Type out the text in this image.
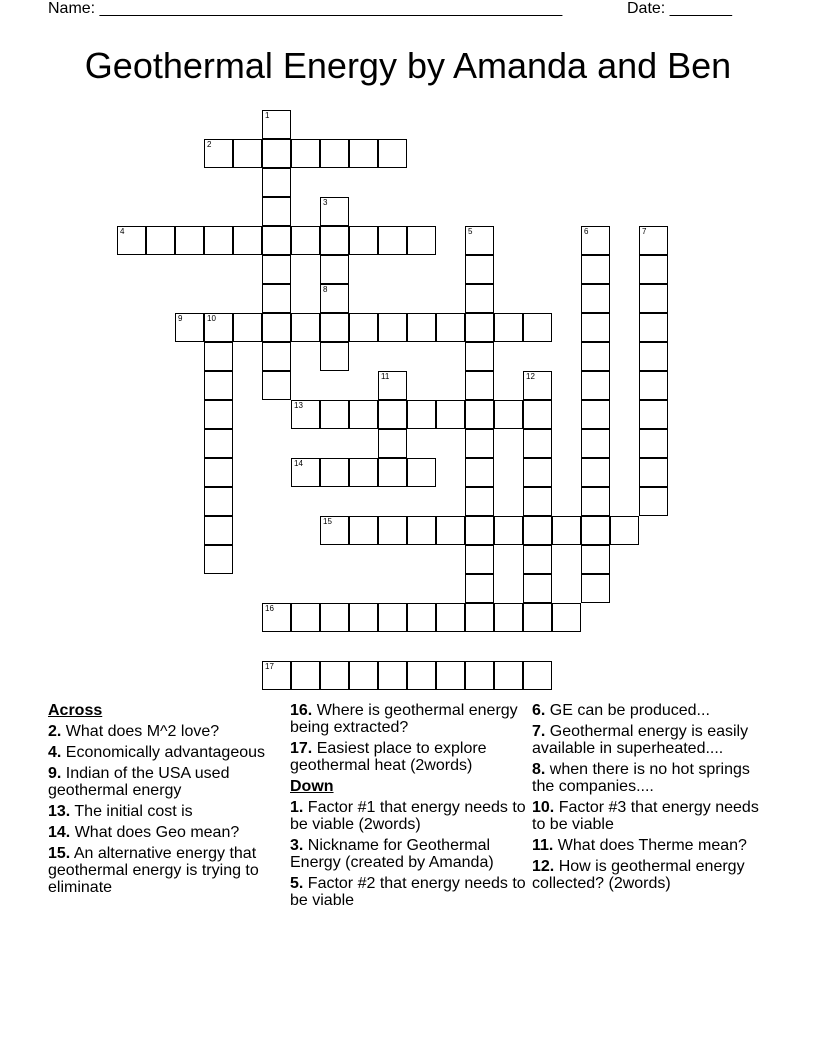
Name: ____________________________________________________	Date: _______
Geothermal Energy by Amanda and Ben
1
2
3
4	5	6	7
8
9	10
11	12
13
14
15
16
17
Across
2. What does M^2 love?
4. Economically advantageous
9. Indian of the USA used geothermal energy
13. The initial cost is
14. What does Geo mean?
15. An alternative energy that geothermal energy is trying to eliminate
16. Where is geothermal energy being extracted?
17. Easiest place to explore geothermal heat (2words)
Down
1. Factor #1 that energy needs to be viable (2words)
3. Nickname for Geothermal Energy (created by Amanda)
5. Factor #2 that energy needs to be viable
6. GE can be produced...
7. Geothermal energy is easily available in superheated....
8. when there is no hot springs the companies....
10. Factor #3 that energy needs to be viable
11. What does Therme mean?
12. How is geothermal energy collected? (2words)
